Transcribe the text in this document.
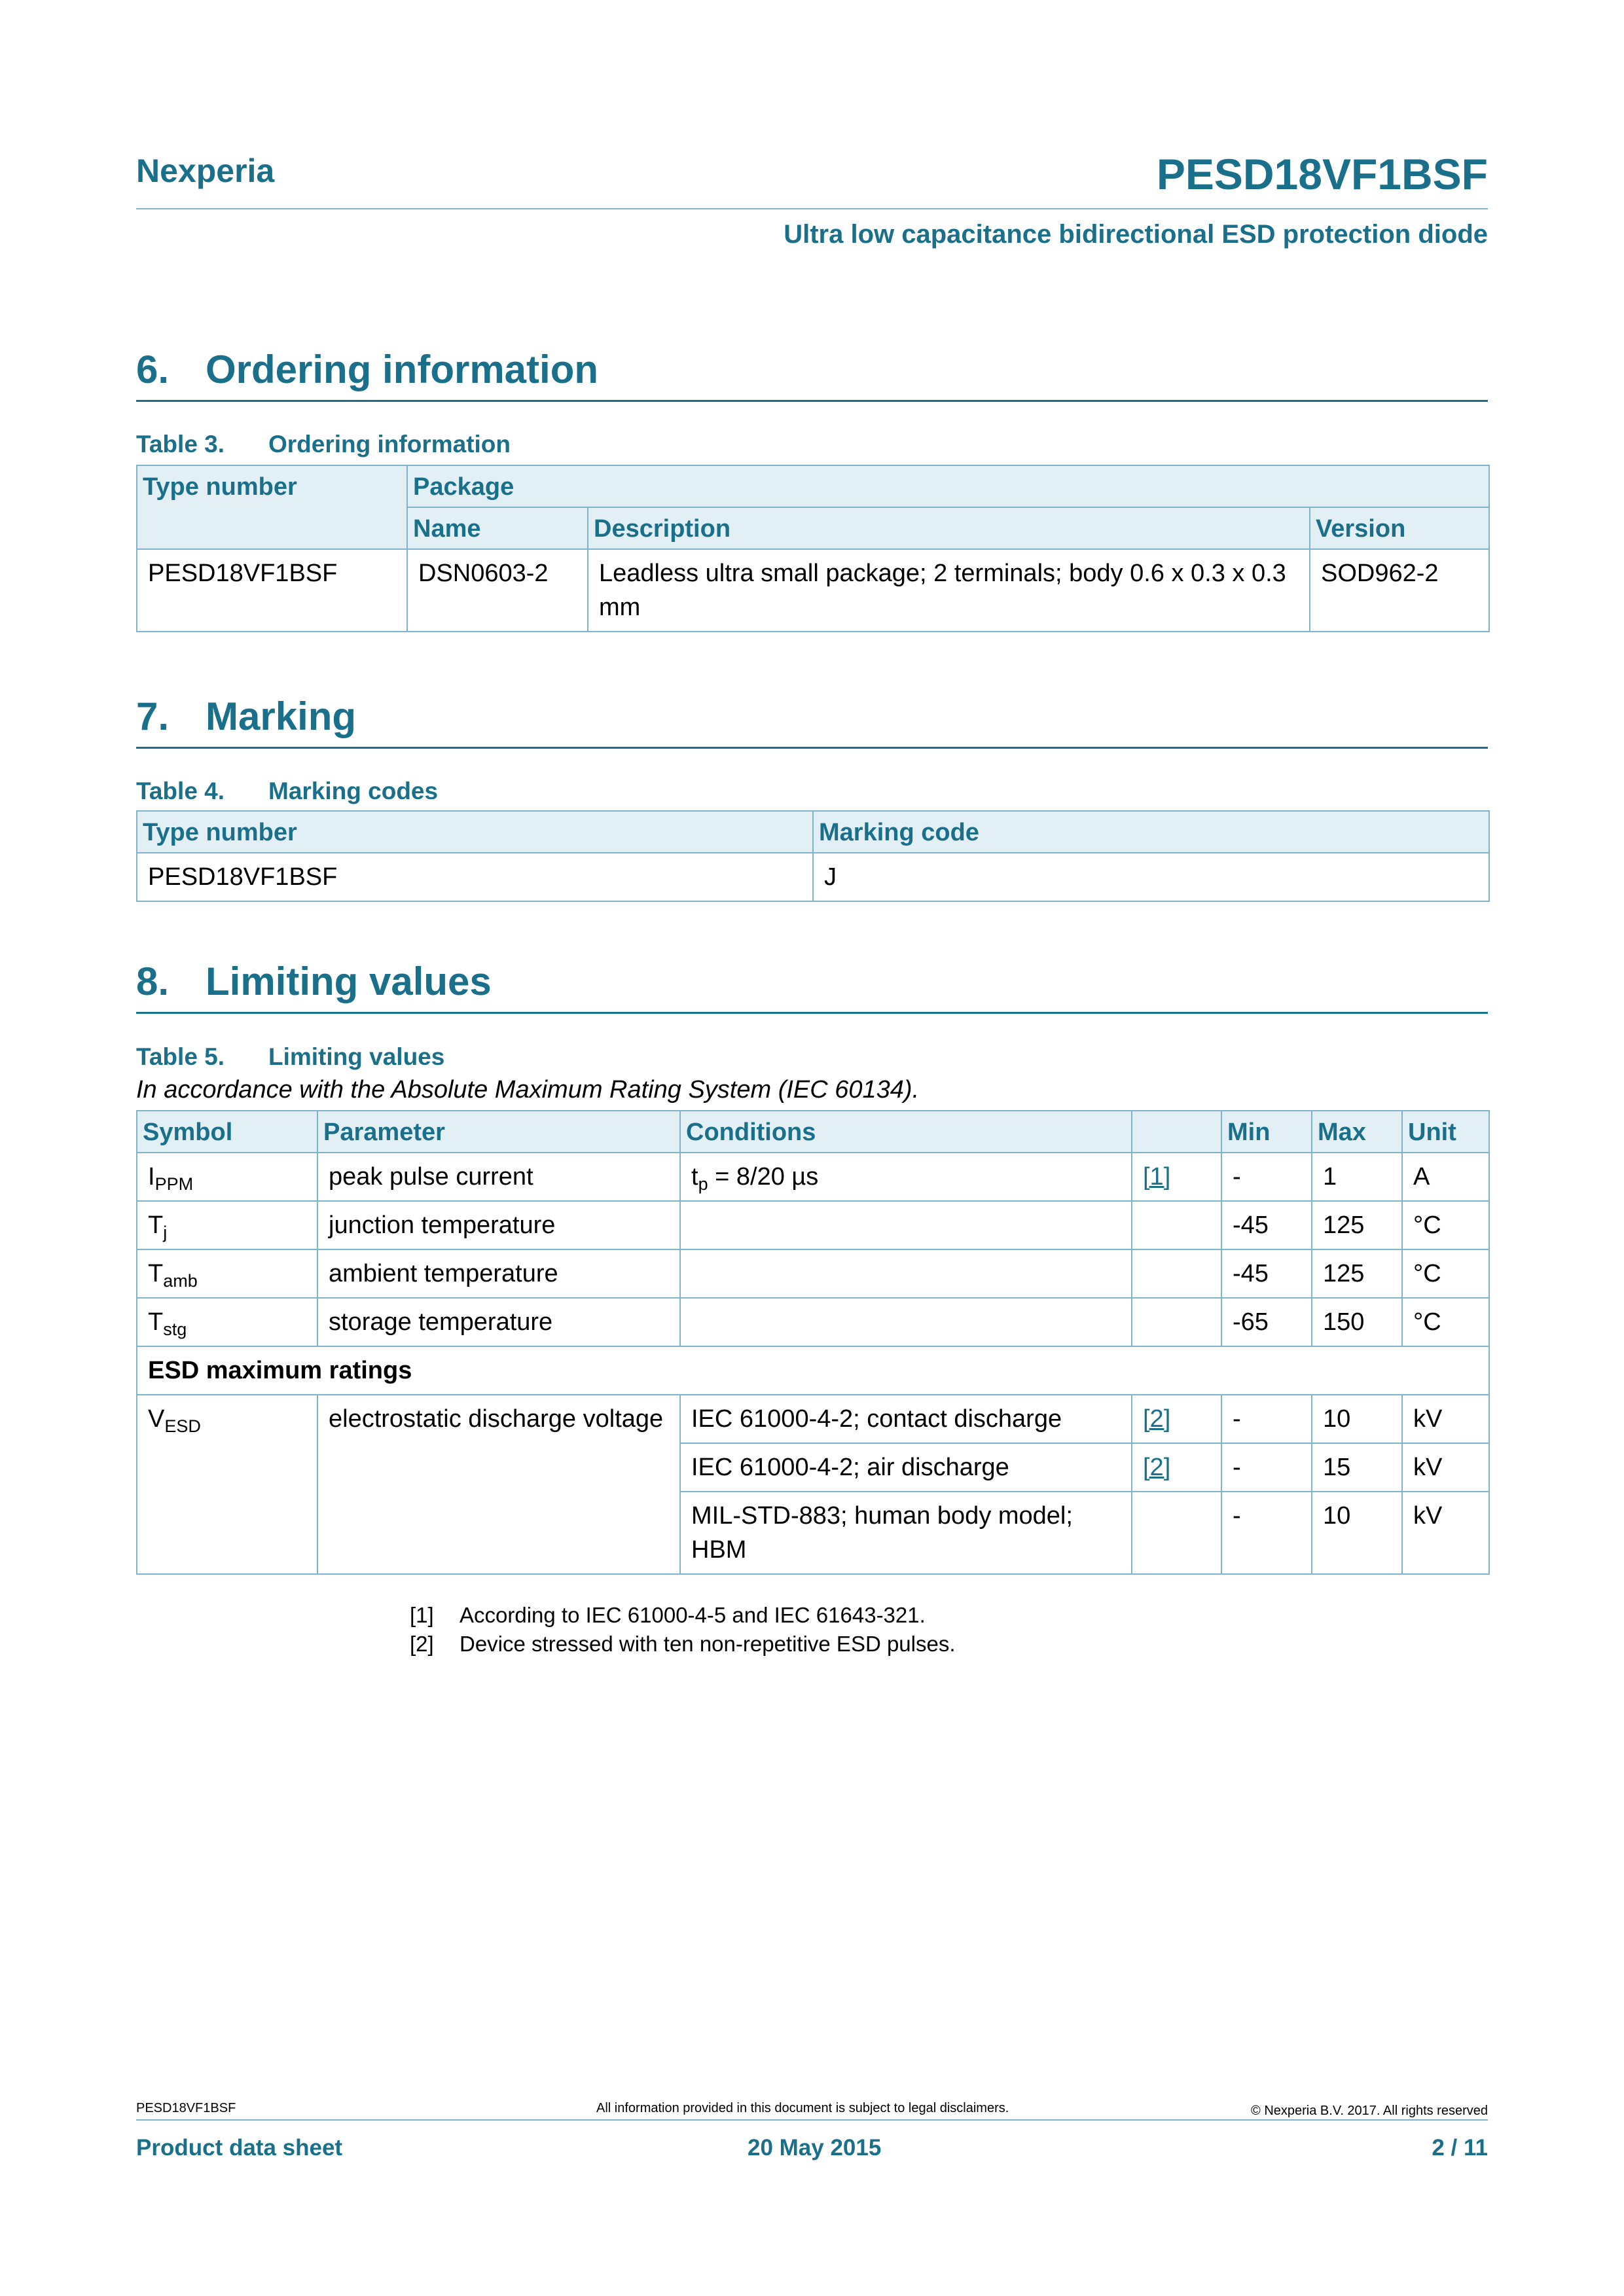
Nexperia	PESD18VF1BSF
Ultra low capacitance bidirectional ESD protection diode
6. Ordering information
Table 3. Ordering information
Type number	Package		
	Name	Description	Version
PESD18VF1BSF	DSN0603-2	Leadless ultra small package; 2 terminals; body 0.6 x 0.3 x 0.3 mm	SOD962-2
7. Marking
Table 4. Marking codes
Type number	Marking code
PESD18VF1BSF	J
8. Limiting values
Table 5. Limiting values
In accordance with the Absolute Maximum Rating System (IEC 60134).
Symbol	Parameter	Conditions		Min	Max	Unit
$I_{PPM}$	peak pulse current	$t_p = 8/20$ µs	[1]	-	1	A
$T_j$	junction temperature			-45	125	°C
$T_{amb}$	ambient temperature			-45	125	°C
$T_{stg}$	storage temperature			-65	150	°C
ESD maximum ratings						
$V_{ESD}$	electrostatic discharge voltage	IEC 61000-4-2; contact discharge	[2]	-	10	kV
		IEC 61000-4-2; air discharge	[2]	-	15	kV
		MIL-STD-883; human body model; HBM		-	10	kV
[1] According to IEC 61000-4-5 and IEC 61643-321.
[2] Device stressed with ten non-repetitive ESD pulses.
PESD18VF1BSF	All information provided in this document is subject to legal disclaimers.	© Nexperia B.V. 2017. All rights reserved
Product data sheet	20 May 2015	2 / 11
